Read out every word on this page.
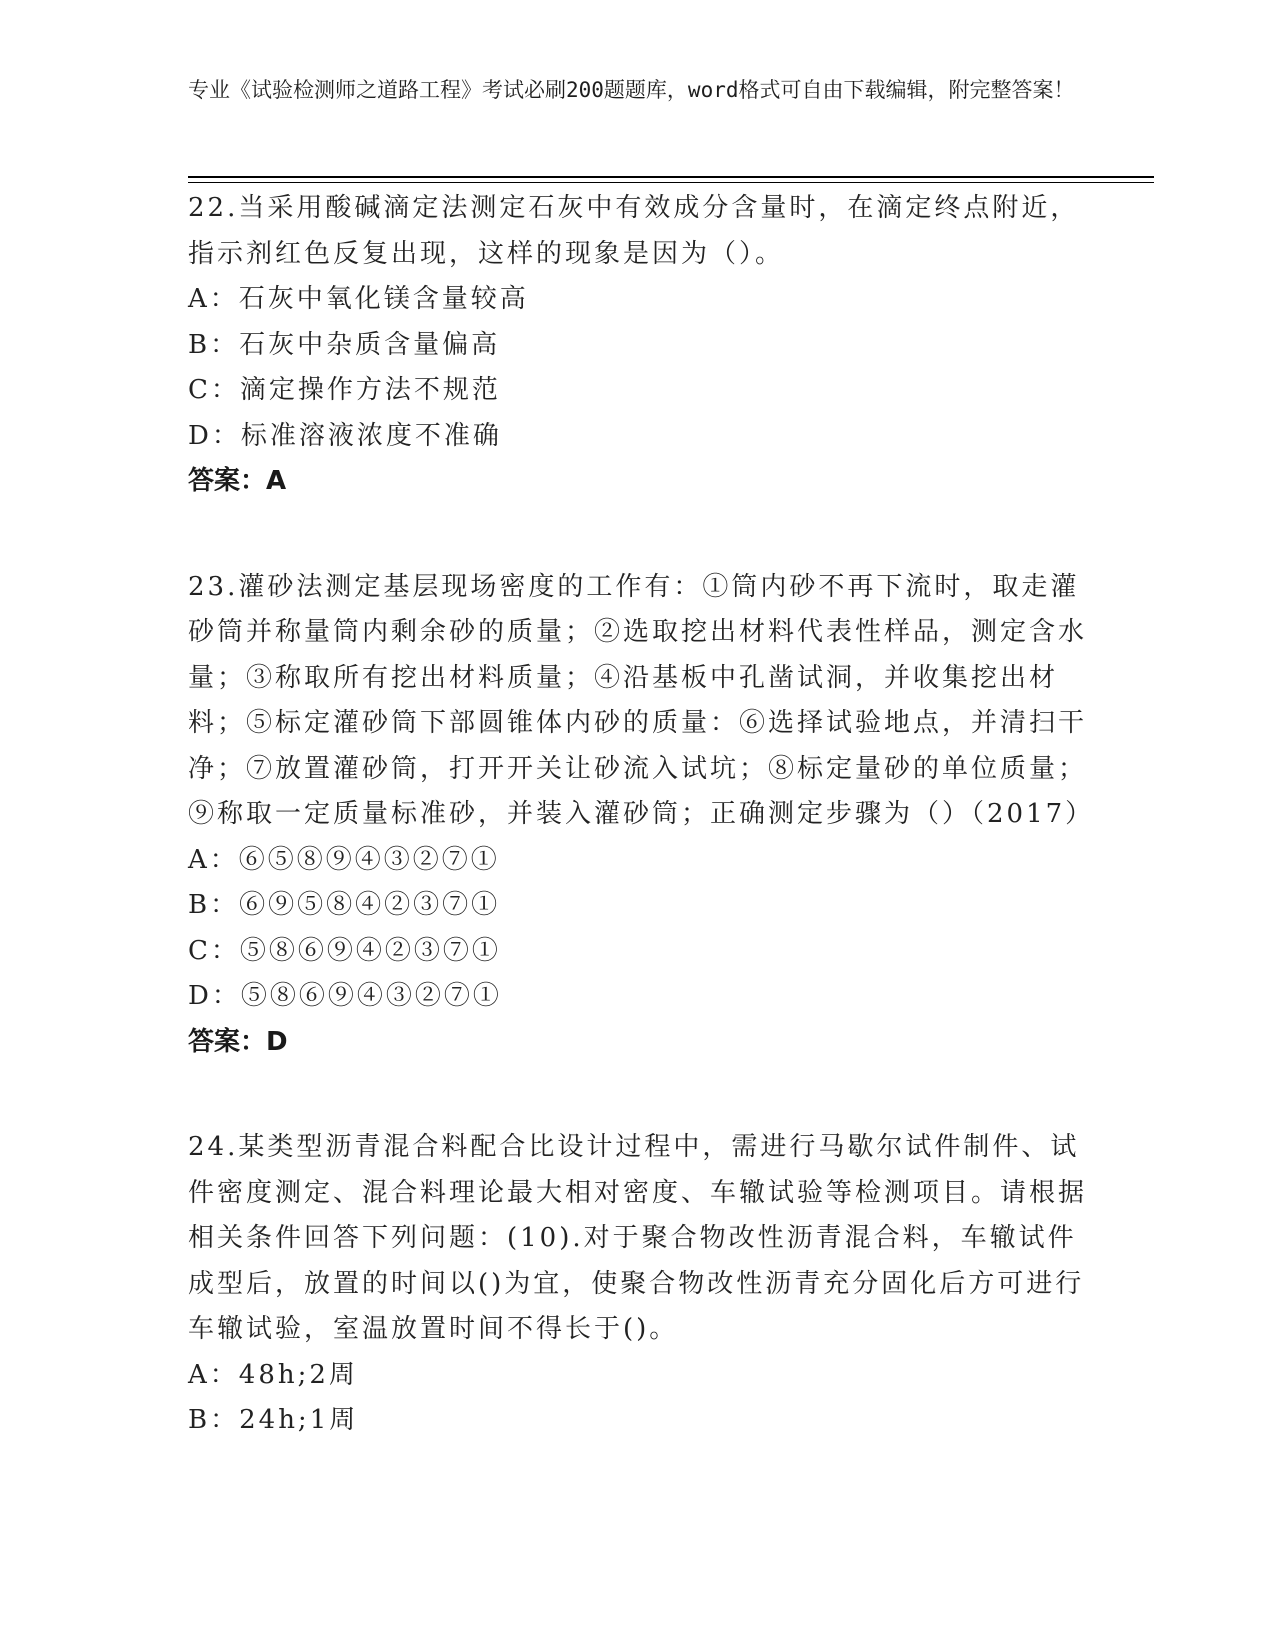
专业《试验检测师之道路工程》考试必刷200题题库，word格式可自由下载编辑，附完整答案！

22.当采用酸碱滴定法测定石灰中有效成分含量时，在滴定终点附近，指示剂红色反复出现，这样的现象是因为（）。

A：石灰中氧化镁含量较高

B：石灰中杂质含量偏高

C：滴定操作方法不规范

D：标准溶液浓度不准确

答案：A

23.灌砂法测定基层现场密度的工作有：①筒内砂不再下流时，取走灌砂筒并称量筒内剩余砂的质量；②选取挖出材料代表性样品，测定含水量；③称取所有挖出材料质量；④沿基板中孔凿试洞，并收集挖出材料；⑤标定灌砂筒下部圆锥体内砂的质量：⑥选择试验地点，并清扫干净；⑦放置灌砂筒，打开开关让砂流入试坑；⑧标定量砂的单位质量；⑨称取一定质量标准砂，并装入灌砂筒；正确测定步骤为（）（2017）

A：⑥⑤⑧⑨④③②⑦①

B：⑥⑨⑤⑧④②③⑦①

C：⑤⑧⑥⑨④②③⑦①

D：⑤⑧⑥⑨④③②⑦①

答案：D

24.某类型沥青混合料配合比设计过程中，需进行马歇尔试件制件、试件密度测定、混合料理论最大相对密度、车辙试验等检测项目。请根据相关条件回答下列问题：(10).对于聚合物改性沥青混合料，车辙试件成型后，放置的时间以()为宜，使聚合物改性沥青充分固化后方可进行车辙试验，室温放置时间不得长于()。

A：48h;2周

B：24h;1周
